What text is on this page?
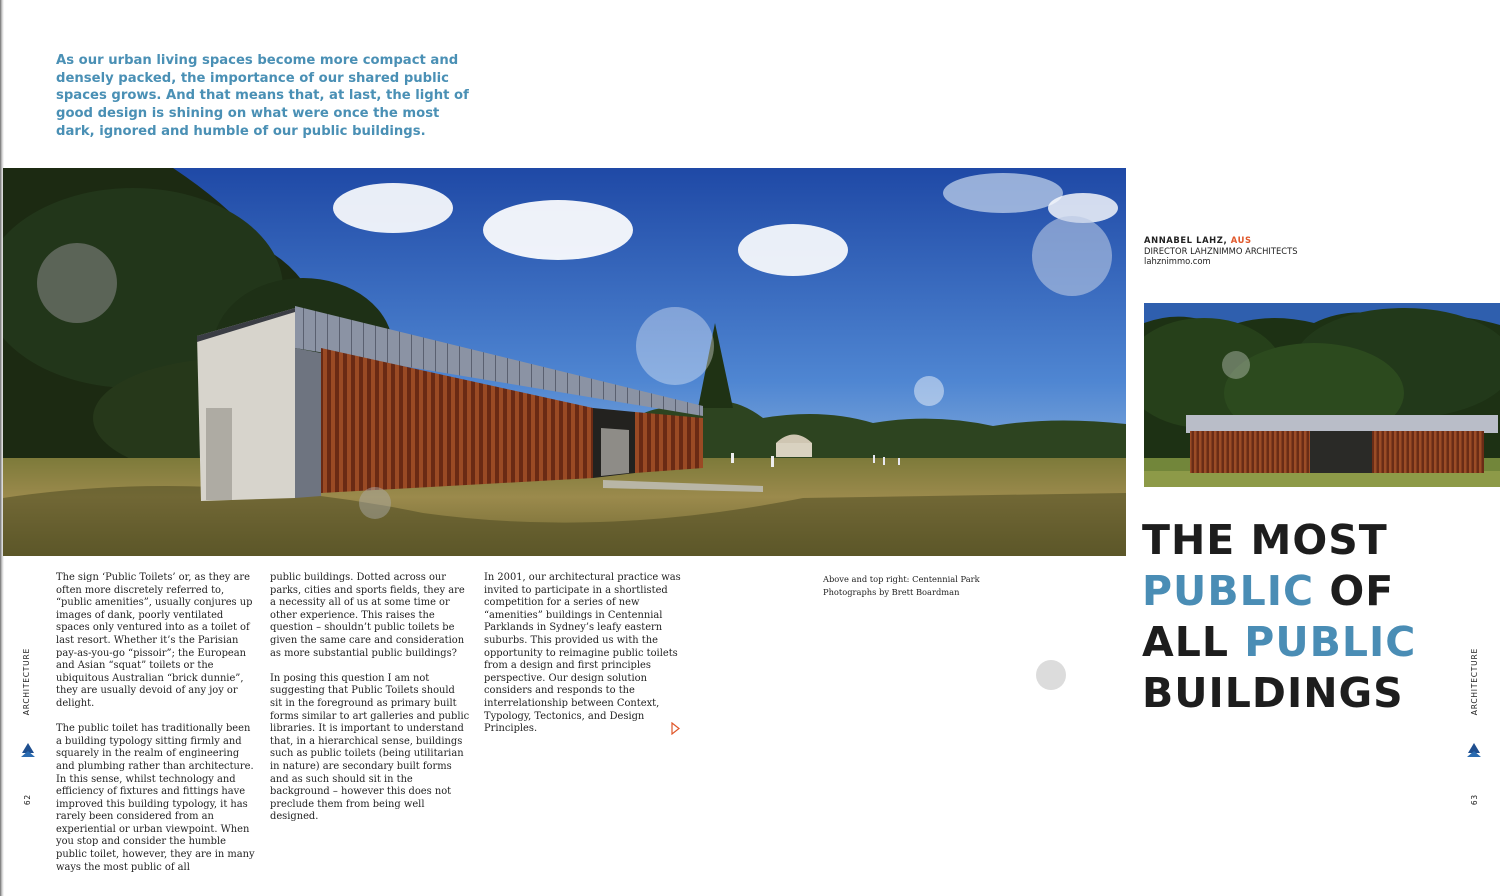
As our urban living spaces become more compact and densely packed, the importance of our shared public spaces grows. And that means that, at last, the light of good design is shining on what were once the most dark, ignored and humble of our public buildings.
ANNABEL LAHZ, AUS
DIRECTOR LAHZNIMMO ARCHITECTS
lahznimmo.com
THE MOST
PUBLIC OF
ALL PUBLIC
BUILDINGS

The sign ‘Public Toilets’ or, as they are often more discretely referred to, “public amenities”, usually conjures up images of dank, poorly ventilated spaces only ventured into as a toilet of last resort. Whether it’s the Parisian pay-as-you-go “pissoir”; the European and Asian “squat” toilets or the ubiquitous Australian “brick dunnie”, they are usually devoid of any joy or delight.

The public toilet has traditionally been a building typology sitting firmly and squarely in the realm of engineering and plumbing rather than architecture. In this sense, whilst technology and efficiency of fixtures and fittings have improved this building typology, it has rarely been considered from an experiential or urban viewpoint. When you stop and consider the humble public toilet, however, they are in many ways the most public of all

public buildings. Dotted across our parks, cities and sports fields, they are a necessity all of us at some time or other experience. This raises the question – shouldn’t public toilets be given the same care and consideration as more substantial public buildings?

In posing this question I am not suggesting that Public Toilets should sit in the foreground as primary built forms similar to art galleries and public libraries. It is important to understand that, in a hierarchical sense, buildings such as public toilets (being utilitarian in nature) are secondary built forms and as such should sit in the background – however this does not preclude them from being well designed.

In 2001, our architectural practice was invited to participate in a shortlisted competition for a series of new “amenities” buildings in Centennial Parklands in Sydney’s leafy eastern suburbs. This provided us with the opportunity to reimagine public toilets from a design and first principles perspective. Our design solution considers and responds to the interrelationship between Context, Typology, Tectonics, and Design Principles.

Above and top right: Centennial Park
Photographs by Brett Boardman
ARCHITECTURE	ARCHITECTURE
62	63
